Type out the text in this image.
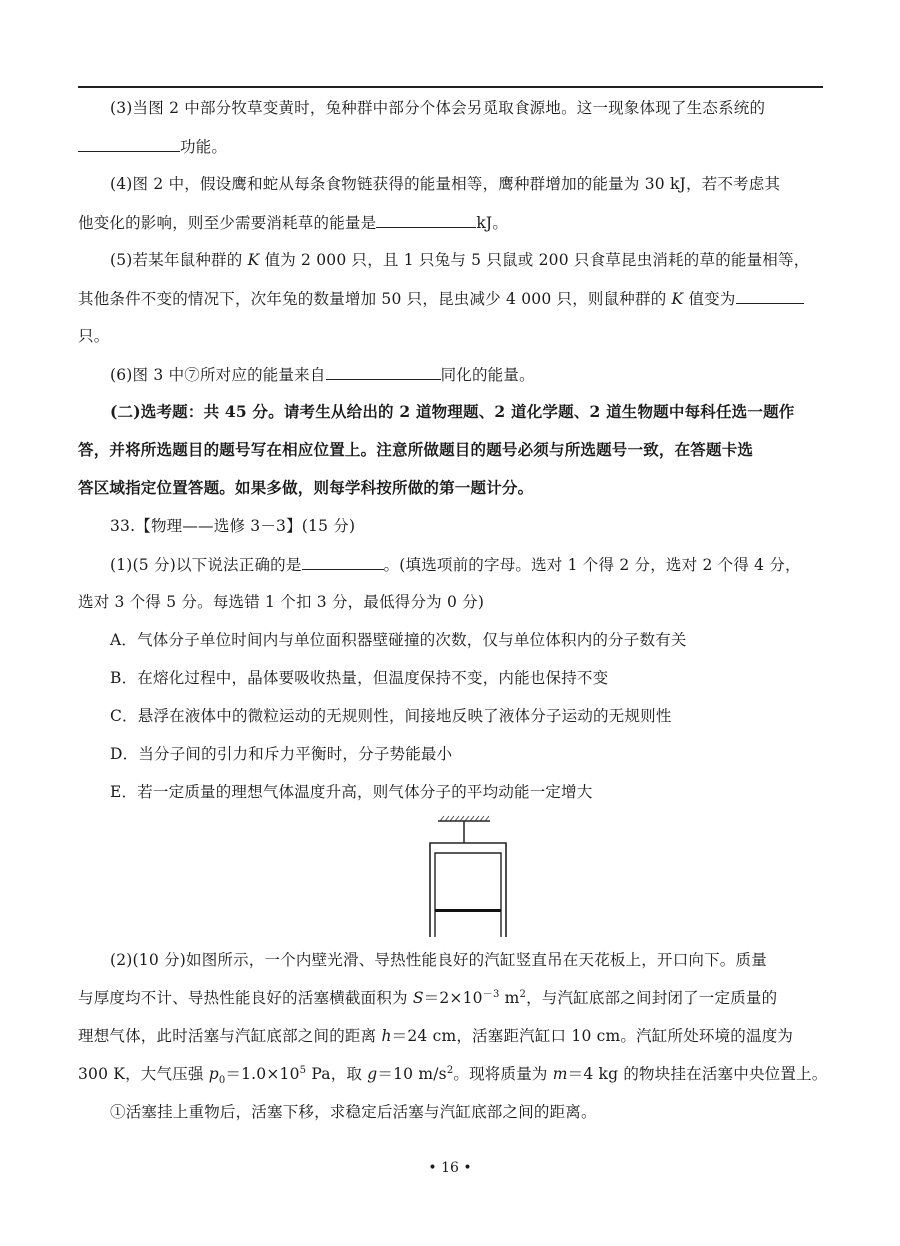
(3)当图 2 中部分牧草变黄时，兔种群中部分个体会另觅取食源地。这一现象体现了生态系统的
功能。
(4)图 2 中，假设鹰和蛇从每条食物链获得的能量相等，鹰种群增加的能量为 30 kJ，若不考虑其
他变化的影响，则至少需要消耗草的能量是	kJ。
(5)若某年鼠种群的 K 值为 2 000 只，且 1 只兔与 5 只鼠或 200 只食草昆虫消耗的草的能量相等，
其他条件不变的情况下，次年兔的数量增加 50 只，昆虫减少 4 000 只，则鼠种群的 K 值变为
只。
(6)图 3 中⑦所对应的能量来自	同化的能量。
(二)选考题：共 45 分。请考生从给出的 2 道物理题、2 道化学题、2 道生物题中每科任选一题作
答，并将所选题目的题号写在相应位置上。注意所做题目的题号必须与所选题号一致，在答题卡选
答区域指定位置答题。如果多做，则每学科按所做的第一题计分。
33.【物理——选修 3－3】(15 分)
(1)(5 分)以下说法正确的是	。(填选项前的字母。选对 1 个得 2 分，选对 2 个得 4 分，
选对 3 个得 5 分。每选错 1 个扣 3 分，最低得分为 0 分)
A．气体分子单位时间内与单位面积器壁碰撞的次数，仅与单位体积内的分子数有关
B．在熔化过程中，晶体要吸收热量，但温度保持不变，内能也保持不变
C．悬浮在液体中的微粒运动的无规则性，间接地反映了液体分子运动的无规则性
D．当分子间的引力和斥力平衡时，分子势能最小
E．若一定质量的理想气体温度升高，则气体分子的平均动能一定增大
(2)(10 分)如图所示，一个内壁光滑、导热性能良好的汽缸竖直吊在天花板上，开口向下。质量
与厚度均不计、导热性能良好的活塞横截面积为 $S=2\times 10^{-3}$ $m^2$，与汽缸底部之间封闭了一定质量的
理想气体，此时活塞与汽缸底部之间的距离 h＝24 cm，活塞距汽缸口 10 cm。汽缸所处环境的温度为
300 K，大气压强 $p_0=1.0\times 10^5$ Pa，取 g＝10 $m/s^2$。现将质量为 m＝4 kg 的物块挂在活塞中央位置上。
①活塞挂上重物后，活塞下移，求稳定后活塞与汽缸底部之间的距离。
• 16 •
